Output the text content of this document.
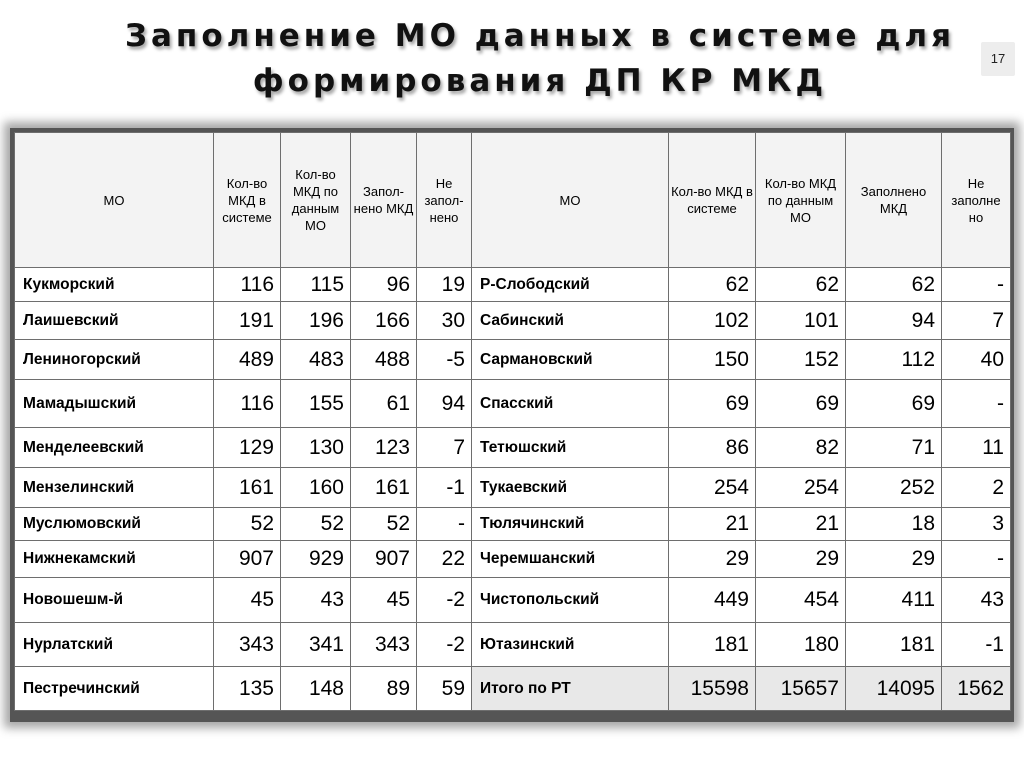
Заполнение МО данных в системе для
формирования ДП КР МКД
17
МО	Кол-во МКД в системе	Кол-во МКД по данным МО	Запол-нено МКД	Не запол-нено	МО	Кол-во МКД в системе	Кол-во МКД по данным МО	Заполнено МКД	Не заполне но
Кукморский	116	115	96	19	Р-Слободский	62	62	62	-
Лаишевский	191	196	166	30	Сабинский	102	101	94	7
Лениногорский	489	483	488	-5	Сармановский	150	152	112	40
Мамадышский	116	155	61	94	Спасский	69	69	69	-
Менделеевский	129	130	123	7	Тетюшский	86	82	71	11
Мензелинский	161	160	161	-1	Тукаевский	254	254	252	2
Муслюмовский	52	52	52	-	Тюлячинский	21	21	18	3
Нижнекамский	907	929	907	22	Черемшанский	29	29	29	-
Новошешм-й	45	43	45	-2	Чистопольский	449	454	411	43
Нурлатский	343	341	343	-2	Ютазинский	181	180	181	-1
Пестречинский	135	148	89	59	Итого по РТ	15598	15657	14095	1562
